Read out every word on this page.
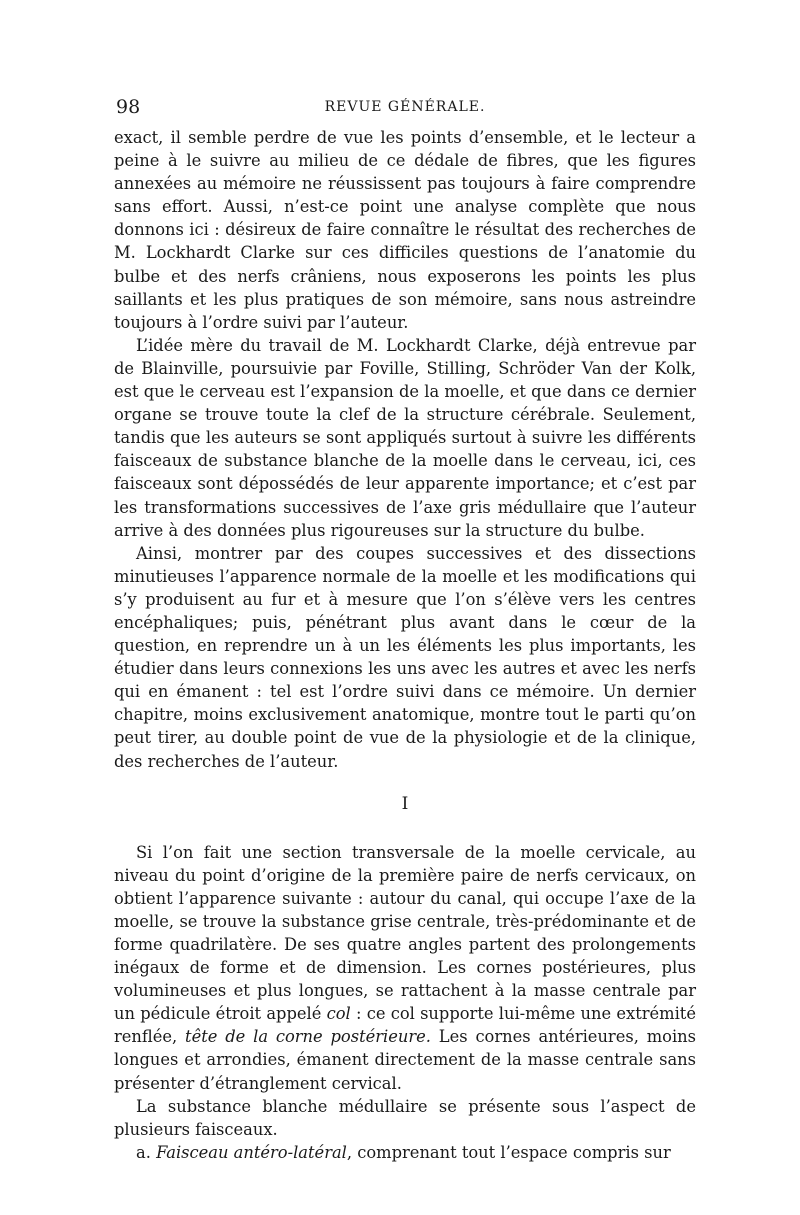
98	REVUE GÉNÉRALE.

exact, il semble perdre de vue les points d’ensemble, et le lecteur a peine à le suivre au milieu de ce dédale de fibres, que les figures annexées au mémoire ne réussissent pas toujours à faire comprendre sans effort. Aussi, n’est-ce point une analyse complète que nous donnons ici : désireux de faire connaître le résultat des recherches de M. Lockhardt Clarke sur ces difficiles questions de l’anatomie du bulbe et des nerfs crâniens, nous exposerons les points les plus saillants et les plus pratiques de son mémoire, sans nous astreindre toujours à l’ordre suivi par l’auteur.

L’idée mère du travail de M. Lockhardt Clarke, déjà entrevue par de Blainville, poursuivie par Foville, Stilling, Schröder Van der Kolk, est que le cerveau est l’expansion de la moelle, et que dans ce dernier organe se trouve toute la clef de la structure cérébrale. Seulement, tandis que les auteurs se sont appliqués surtout à suivre les différents faisceaux de substance blanche de la moelle dans le cerveau, ici, ces faisceaux sont dépossédés de leur apparente importance; et c’est par les transformations successives de l’axe gris médullaire que l’auteur arrive à des données plus rigoureuses sur la structure du bulbe.

Ainsi, montrer par des coupes successives et des dissections minutieuses l’apparence normale de la moelle et les modifications qui s’y produisent au fur et à mesure que l’on s’élève vers les centres encéphaliques; puis, pénétrant plus avant dans le cœur de la question, en reprendre un à un les éléments les plus importants, les étudier dans leurs connexions les uns avec les autres et avec les nerfs qui en émanent : tel est l’ordre suivi dans ce mémoire. Un dernier chapitre, moins exclusivement anatomique, montre tout le parti qu’on peut tirer, au double point de vue de la physiologie et de la clinique, des recherches de l’auteur.

I

Si l’on fait une section transversale de la moelle cervicale, au niveau du point d’origine de la première paire de nerfs cervicaux, on obtient l’apparence suivante : autour du canal, qui occupe l’axe de la moelle, se trouve la substance grise centrale, très-prédominante et de forme quadrilatère. De ses quatre angles partent des prolongements inégaux de forme et de dimension. Les cornes postérieures, plus volumineuses et plus longues, se rattachent à la masse centrale par un pédicule étroit appelé col : ce col supporte lui-même une extrémité renflée, tête de la corne postérieure. Les cornes antérieures, moins longues et arrondies, émanent directement de la masse centrale sans présenter d’étranglement cervical.

La substance blanche médullaire se présente sous l’aspect de plusieurs faisceaux.

a. Faisceau antéro-latéral, comprenant tout l’espace compris sur
